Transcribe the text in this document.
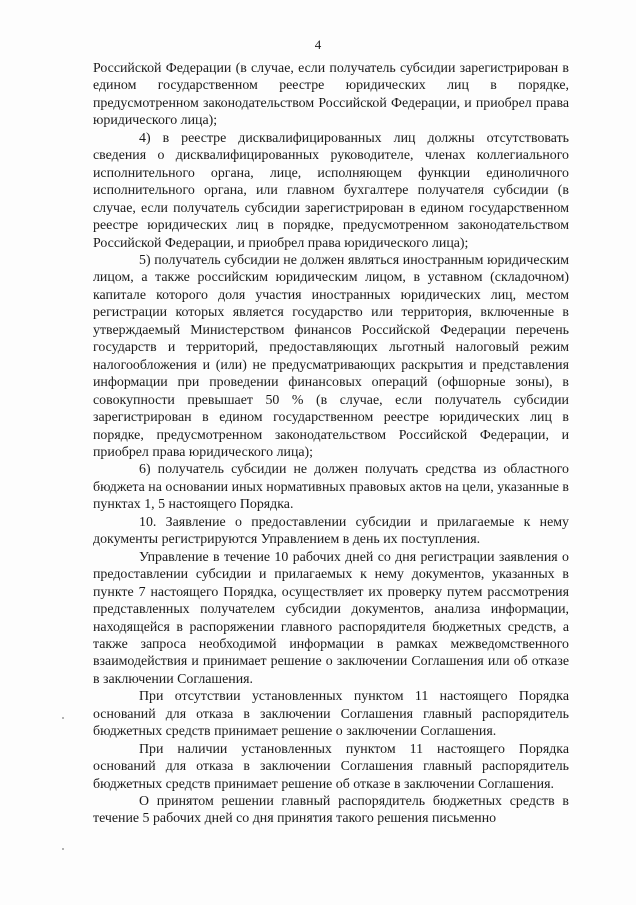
4

Российской Федерации (в случае, если получатель субсидии зарегистрирован в едином государственном реестре юридических лиц в порядке, предусмотренном законодательством Российской Федерации, и приобрел права юридического лица);

4) в реестре дисквалифицированных лиц должны отсутствовать сведения о дисквалифицированных руководителе, членах коллегиального исполнительного органа, лице, исполняющем функции единоличного исполнительного органа, или главном бухгалтере получателя субсидии (в случае, если получатель субсидии зарегистрирован в едином государственном реестре юридических лиц в порядке, предусмотренном законодательством Российской Федерации, и приобрел права юридического лица);

5) получатель субсидии не должен являться иностранным юридическим лицом, а также российским юридическим лицом, в уставном (складочном) капитале которого доля участия иностранных юридических лиц, местом регистрации которых является государство или территория, включенные в утверждаемый Министерством финансов Российской Федерации перечень государств и территорий, предоставляющих льготный налоговый режим налогообложения и (или) не предусматривающих раскрытия и представления информации при проведении финансовых операций (офшорные зоны), в совокупности превышает 50 % (в случае, если получатель субсидии зарегистрирован в едином государственном реестре юридических лиц в порядке, предусмотренном законодательством Российской Федерации, и приобрел права юридического лица);

6) получатель субсидии не должен получать средства из областного бюджета на основании иных нормативных правовых актов на цели, указанные в пунктах 1, 5 настоящего Порядка.

10. Заявление о предоставлении субсидии и прилагаемые к нему документы регистрируются Управлением в день их поступления.

Управление в течение 10 рабочих дней со дня регистрации заявления о предоставлении субсидии и прилагаемых к нему документов, указанных в пункте 7 настоящего Порядка, осуществляет их проверку путем рассмотрения представленных получателем субсидии документов, анализа информации, находящейся в распоряжении главного распорядителя бюджетных средств, а также запроса необходимой информации в рамках межведомственного взаимодействия и принимает решение о заключении Соглашения или об отказе в заключении Соглашения.

При отсутствии установленных пунктом 11 настоящего Порядка оснований для отказа в заключении Соглашения главный распорядитель бюджетных средств принимает решение о заключении Соглашения.

При наличии установленных пунктом 11 настоящего Порядка оснований для отказа в заключении Соглашения главный распорядитель бюджетных средств принимает решение об отказе в заключении Соглашения.

О принятом решении главный распорядитель бюджетных средств в течение 5 рабочих дней со дня принятия такого решения письменно
